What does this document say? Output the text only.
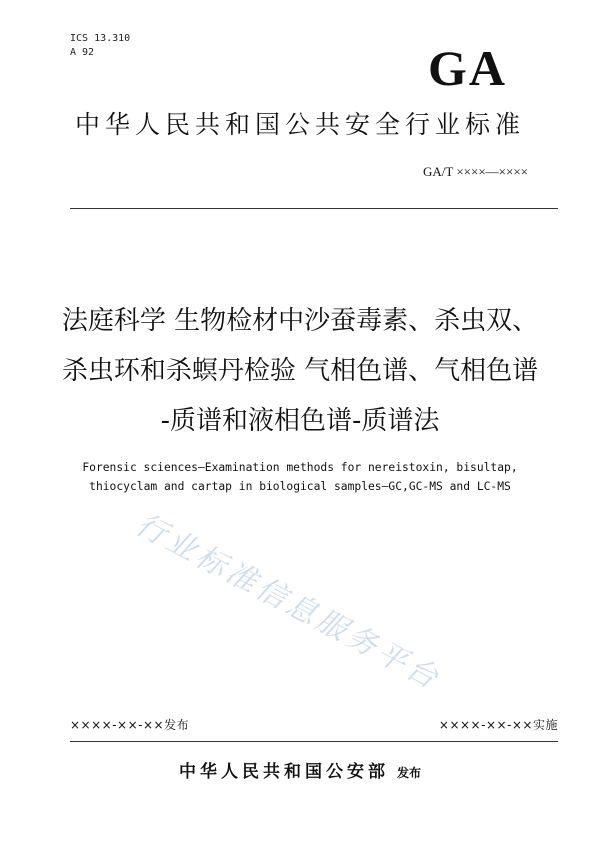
ICS 13.310
A 92	GA
中华人民共和国公共安全行业标准
GA/T ××××—××××
法庭科学 生物检材中沙蚕毒素、杀虫双、
杀虫环和杀螟丹检验 气相色谱、气相色谱
-质谱和液相色谱-质谱法
Forensic sciences—Examination methods for nereistoxin, bisultap,
thiocyclam and cartap in biological samples—GC,GC-MS and LC-MS
行业标准信息服务平台
××××-××-××发布	××××-××-××实施
中华人民共和国公安部 发布
